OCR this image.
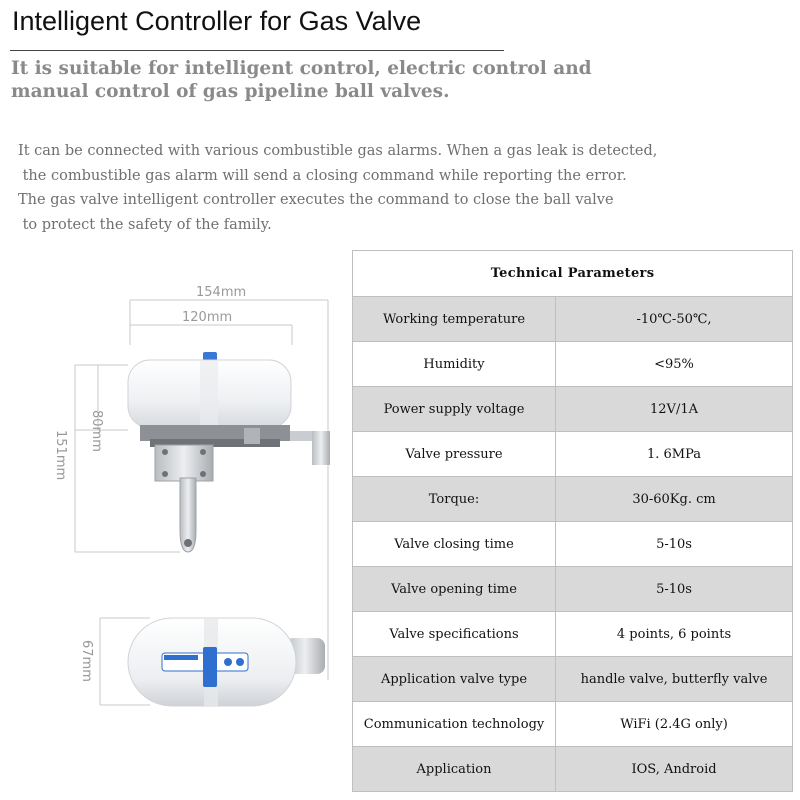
Intelligent Controller for Gas Valve
It is suitable for intelligent control, electric control and
manual control of gas pipeline ball valves.
It can be connected with various combustible gas alarms. When a gas leak is detected,
the combustible gas alarm will send a closing command while reporting the error.
The gas valve intelligent controller executes the command to close the ball valve
to protect the safety of the family.
154mm
120mm
80mm
151mm
67mm
Technical Parameters	
Working temperature	-10℃-50℃,
Humidity	<95%
Power supply voltage	12V/1A
Valve pressure	1. 6MPa
Torque:	30-60Kg. cm
Valve closing time	5-10s
Valve opening time	5-10s
Valve specifications	4 points, 6 points
Application valve type	handle valve, butterfly valve
Communication technology	WiFi (2.4G only)
Application	IOS, Android
